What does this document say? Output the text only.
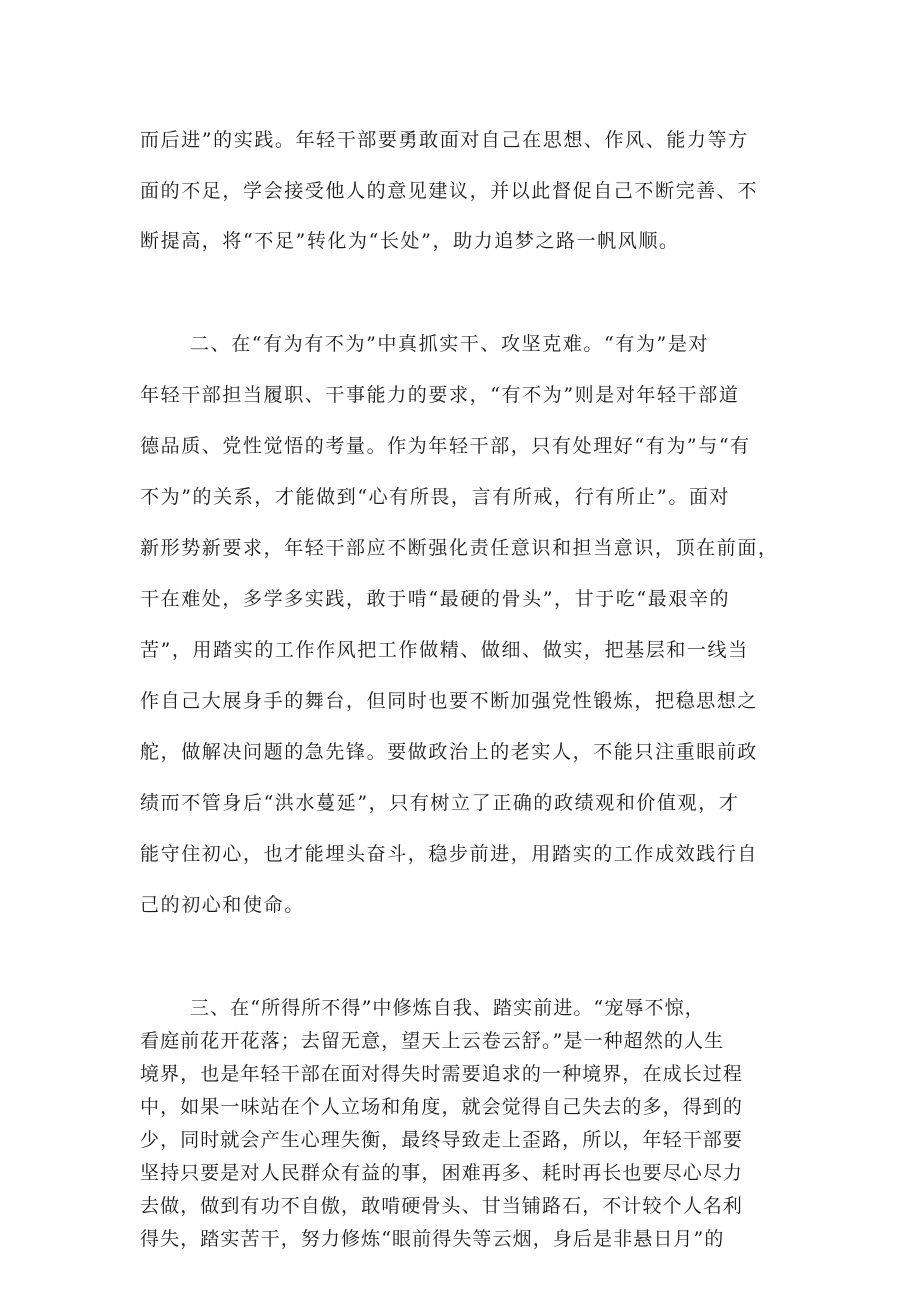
而后进”的实践。年轻干部要勇敢面对自己在思想、作风、能力等方
面的不足，学会接受他人的意见建议，并以此督促自己不断完善、不
断提高，将“不足”转化为“长处”，助力追梦之路一帆风顺。
二、在“有为有不为”中真抓实干、攻坚克难。“有为”是对
年轻干部担当履职、干事能力的要求，“有不为”则是对年轻干部道
德品质、党性觉悟的考量。作为年轻干部，只有处理好“有为”与“有
不为”的关系，才能做到“心有所畏，言有所戒，行有所止”。面对
新形势新要求，年轻干部应不断强化责任意识和担当意识，顶在前面，
干在难处，多学多实践，敢于啃“最硬的骨头”，甘于吃“最艰辛的
苦”，用踏实的工作作风把工作做精、做细、做实，把基层和一线当
作自己大展身手的舞台，但同时也要不断加强党性锻炼，把稳思想之
舵，做解决问题的急先锋。要做政治上的老实人，不能只注重眼前政
绩而不管身后“洪水蔓延”，只有树立了正确的政绩观和价值观，才
能守住初心，也才能埋头奋斗，稳步前进，用踏实的工作成效践行自
己的初心和使命。
三、在“所得所不得”中修炼自我、踏实前进。“宠辱不惊，
看庭前花开花落；去留无意，望天上云卷云舒。”是一种超然的人生
境界，也是年轻干部在面对得失时需要追求的一种境界，在成长过程
中，如果一味站在个人立场和角度，就会觉得自己失去的多，得到的
少，同时就会产生心理失衡，最终导致走上歪路，所以，年轻干部要
坚持只要是对人民群众有益的事，困难再多、耗时再长也要尽心尽力
去做，做到有功不自傲，敢啃硬骨头、甘当铺路石，不计较个人名利
得失，踏实苦干，努力修炼“眼前得失等云烟，身后是非悬日月”的
